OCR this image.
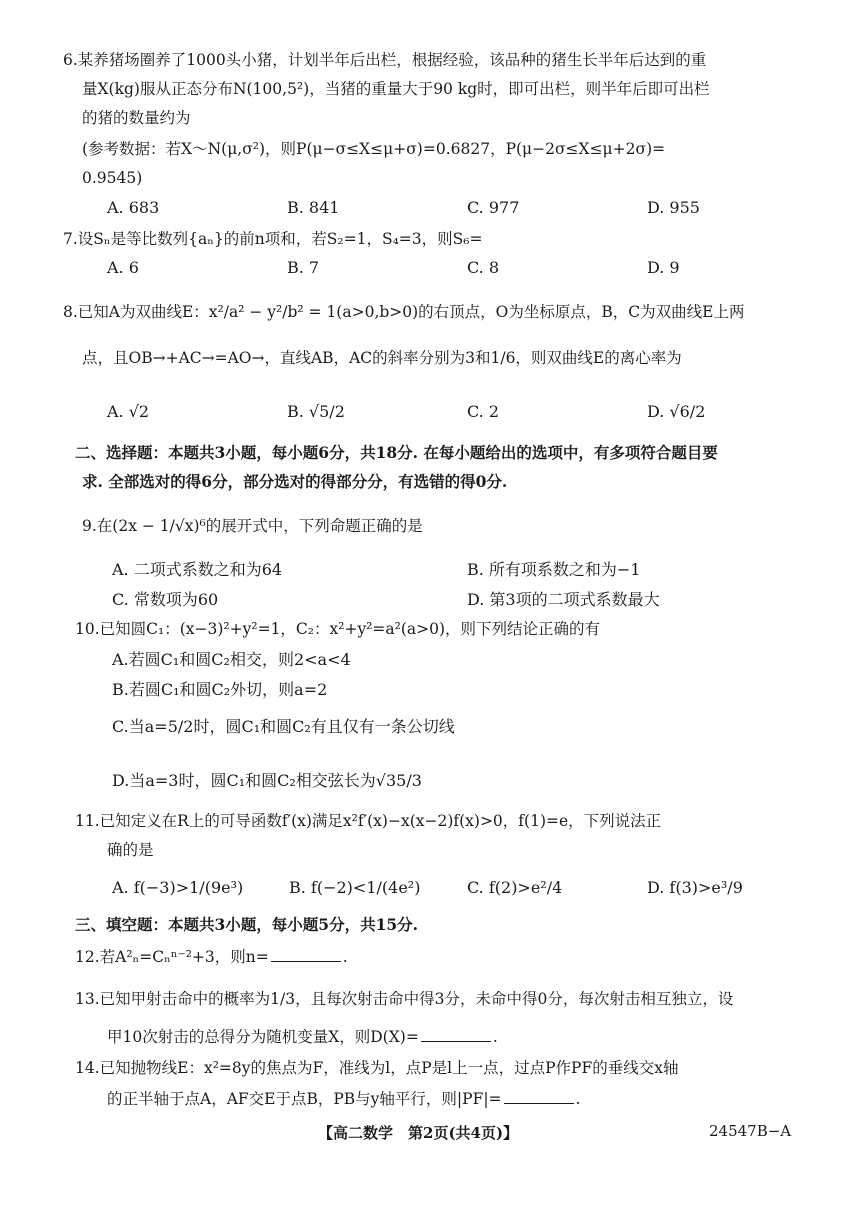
6.某养猪场圈养了1000头小猪，计划半年后出栏，根据经验，该品种的猪生长半年后达到的重
量X(kg)服从正态分布N(100,5²)，当猪的重量大于90 kg时，即可出栏，则半年后即可出栏
的猪的数量约为
(参考数据：若X～N(μ,σ²)，则P(μ−σ≤X≤μ+σ)=0.6827，P(μ−2σ≤X≤μ+2σ)=
0.9545)
A. 683	B. 841	C. 977	D. 955
7.设Sₙ是等比数列{aₙ}的前n项和，若S₂=1，S₄=3，则S₆=
A. 6	B. 7	C. 8	D. 9
8.已知A为双曲线E：x²/a² − y²/b² = 1(a>0,b>0)的右顶点，O为坐标原点，B，C为双曲线E上两
点，且OB→+AC→=AO→，直线AB，AC的斜率分别为3和1/6，则双曲线E的离心率为
A. √2	B. √5/2	C. 2	D. √6/2
二、选择题：本题共3小题，每小题6分，共18分. 在每小题给出的选项中，有多项符合题目要
求. 全部选对的得6分，部分选对的得部分分，有选错的得0分.
9.在(2x − 1/√x)⁶的展开式中，下列命题正确的是
A. 二项式系数之和为64	B. 所有项系数之和为−1
C. 常数项为60	D. 第3项的二项式系数最大
10.已知圆C₁：(x−3)²+y²=1，C₂：x²+y²=a²(a>0)，则下列结论正确的有
A.若圆C₁和圆C₂相交，则2<a<4
B.若圆C₁和圆C₂外切，则a=2
C.当a=5/2时，圆C₁和圆C₂有且仅有一条公切线
D.当a=3时，圆C₁和圆C₂相交弦长为√35/3
11.已知定义在R上的可导函数f′(x)满足x²f′(x)−x(x−2)f(x)>0，f(1)=e，下列说法正
确的是
A. f(−3)>1/(9e³)	B. f(−2)<1/(4e²)	C. f(2)>e²/4	D. f(3)>e³/9
三、填空题：本题共3小题，每小题5分，共15分.
12.若A²ₙ=Cₙⁿ⁻²+3，则n=	.
13.已知甲射击命中的概率为1/3，且每次射击命中得3分，未命中得0分，每次射击相互独立，设
甲10次射击的总得分为随机变量X，则D(X)=	.
14.已知抛物线E：x²=8y的焦点为F，准线为l，点P是l上一点，过点P作PF的垂线交x轴
的正半轴于点A，AF交E于点B，PB与y轴平行，则|PF|=	.
【高二数学　第2页(共4页)】	24547B−A
